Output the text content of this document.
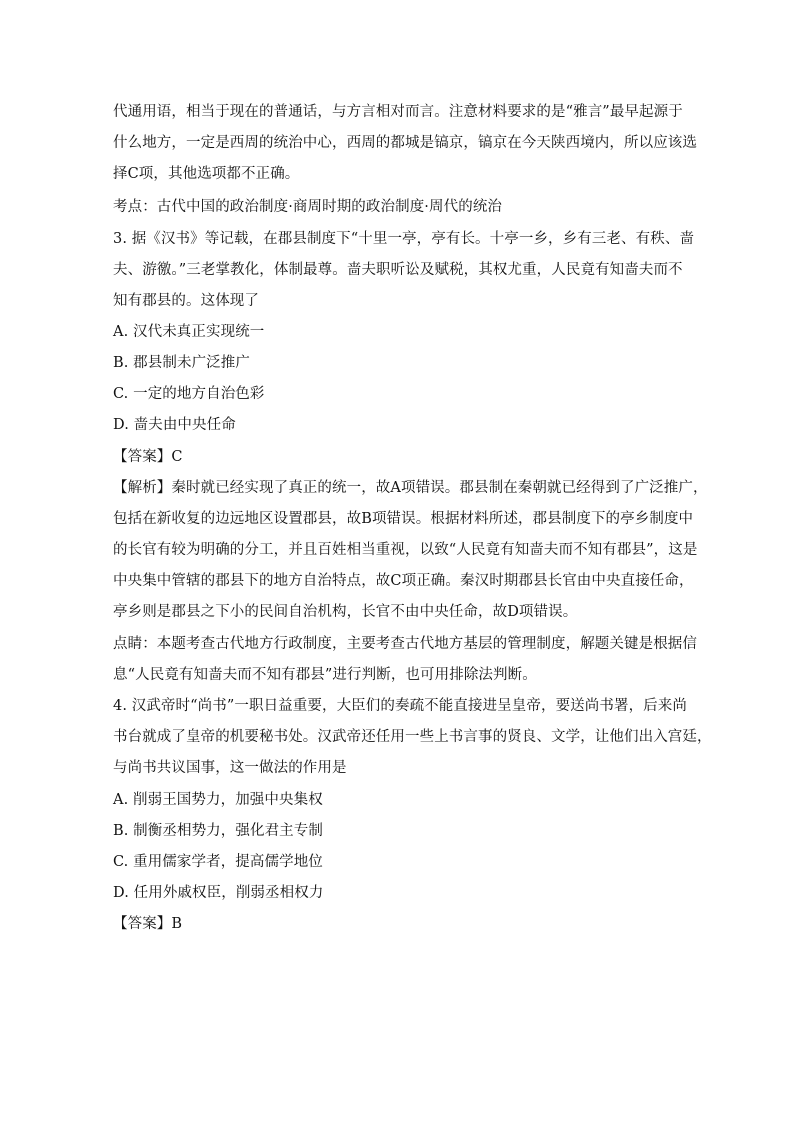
代通用语，相当于现在的普通话，与方言相对而言。注意材料要求的是“雅言”最早起源于
什么地方，一定是西周的统治中心，西周的都城是镐京，镐京在今天陕西境内，所以应该选
择C项，其他选项都不正确。
考点：古代中国的政治制度·商周时期的政治制度·周代的统治
3. 据《汉书》等记载，在郡县制度下“十里一亭，亭有长。十亭一乡，乡有三老、有秩、啬
夫、游徼。”三老掌教化，体制最尊。啬夫职听讼及赋税，其权尤重，人民竟有知啬夫而不
知有郡县的。这体现了
A. 汉代未真正实现统一
B. 郡县制未广泛推广
C. 一定的地方自治色彩
D. 啬夫由中央任命
【答案】C
【解析】秦时就已经实现了真正的统一，故A项错误。郡县制在秦朝就已经得到了广泛推广，
包括在新收复的边远地区设置郡县，故B项错误。根据材料所述，郡县制度下的亭乡制度中
的长官有较为明确的分工，并且百姓相当重视，以致“人民竟有知啬夫而不知有郡县”，这是
中央集中管辖的郡县下的地方自治特点，故C项正确。秦汉时期郡县长官由中央直接任命，
亭乡则是郡县之下小的民间自治机构，长官不由中央任命，故D项错误。
点睛：本题考查古代地方行政制度，主要考查古代地方基层的管理制度，解题关键是根据信
息“人民竟有知啬夫而不知有郡县”进行判断，也可用排除法判断。
4. 汉武帝时“尚书”一职日益重要，大臣们的奏疏不能直接进呈皇帝，要送尚书署，后来尚
书台就成了皇帝的机要秘书处。汉武帝还任用一些上书言事的贤良、文学，让他们出入宫廷，
与尚书共议国事，这一做法的作用是
A. 削弱王国势力，加强中央集权
B. 制衡丞相势力，强化君主专制
C. 重用儒家学者，提高儒学地位
D. 任用外戚权臣，削弱丞相权力
【答案】B
